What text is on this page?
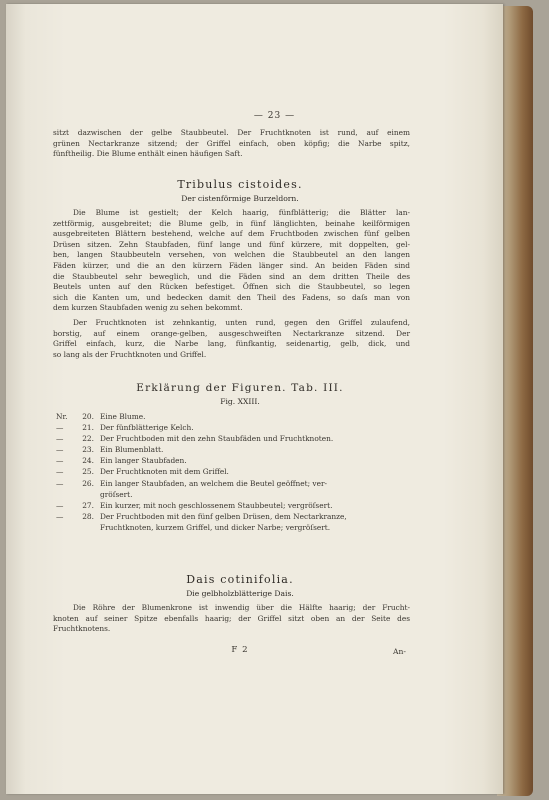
— 23 —
sitzt dazwischen der gelbe Staubbeutel. Der Fruchtknoten ist rund, auf einem
grünen Nectarkranze sitzend; der Griffel einfach, oben köpfig; die Narbe spitz,
fünftheilig. Die Blume enthält einen häufigen Saft.
Tribulus cistoides.
Der cistenförmige Burzeldorn.
Die Blume ist gestielt; der Kelch haarig, fünfblätterig; die Blätter lan-
zettförmig, ausgebreitet; die Blume gelb, in fünf länglichten, beinahe keilförmigen
ausgebreiteten Blättern bestehend, welche auf dem Fruchtboden zwischen fünf gelben
Drüsen sitzen. Zehn Staubfaden, fünf lange und fünf kürzere, mit doppelten, gel-
ben, langen Staubbeuteln versehen, von welchen die Staubbeutel an den langen
Fäden kürzer, und die an den kürzern Fäden länger sind. An beiden Fäden sind
die Staubbeutel sehr beweglich, und die Fäden sind an dem dritten Theile des
Beutels unten auf den Rücken befestiget. Öffnen sich die Staubbeutel, so legen
sich die Kanten um, und bedecken damit den Theil des Fadens, so daſs man von
dem kurzen Staubfaden wenig zu sehen bekommt.
Der Fruchtknoten ist zehnkantig, unten rund, gegen den Griffel zulaufend,
borstig, auf einem orange-gelben, ausgeschweiften Nectarkranze sitzend. Der
Griffel einfach, kurz, die Narbe lang, fünfkantig, seidenartig, gelb, dick, und
so lang als der Fruchtknoten und Griffel.
Erklärung der Figuren. Tab. III.
Fig. XXIII.
Nr.	20. Eine Blume.
—	21. Der fünfblätterige Kelch.
—	22. Der Fruchtboden mit den zehn Staubfäden und Fruchtknoten.
—	23. Ein Blumenblatt.
—	24. Ein langer Staubfaden.
—	25. Der Fruchtknoten mit dem Griffel.
—	26. Ein langer Staubfaden, an welchem die Beutel geöffnet; ver-
gröſsert.
—	27. Ein kurzer, mit noch geschlossenem Staubbeutel; vergröſsert.
—	28. Der Fruchtboden mit den fünf gelben Drüsen, dem Nectarkranze,
Fruchtknoten, kurzem Griffel, und dicker Narbe; vergröſsert.
Dais cotinifolia.
Die gelbholzblätterige Dais.
Die Röhre der Blumenkrone ist inwendig über die Hälfte haarig; der Frucht-
knoten auf seiner Spitze ebenfalls haarig; der Griffel sitzt oben an der Seite des
Fruchtknotens.
F 2	An-
